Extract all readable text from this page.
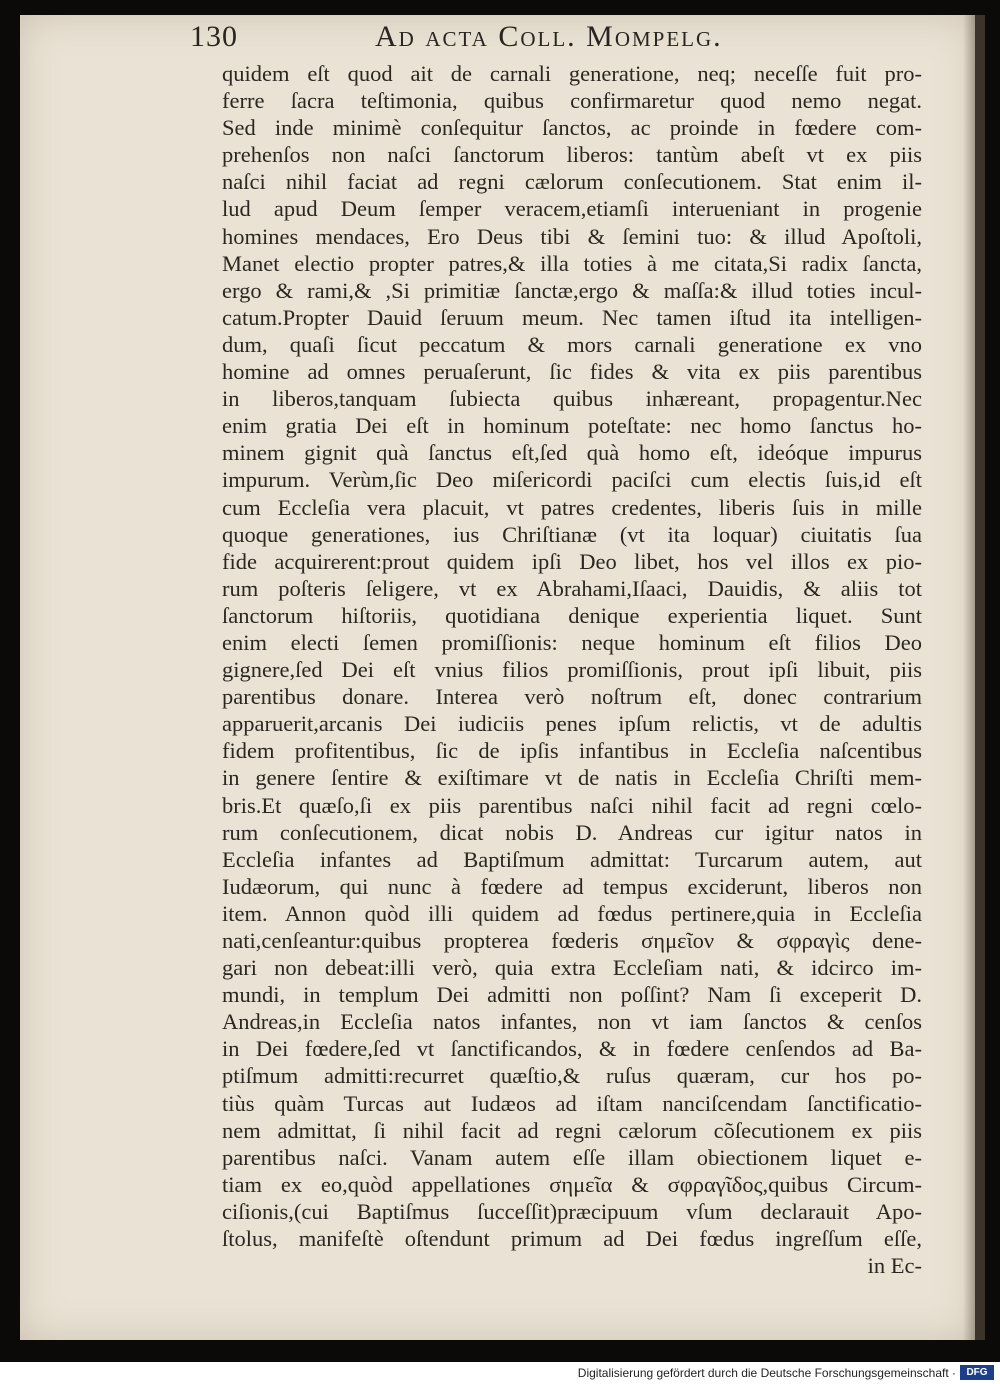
130	Ad acta Coll. Mompelg.
quidem eſt quod ait de carnali generatione, neq; neceſſe fuit pro-
ferre ſacra teſtimonia, quibus confirmaretur quod nemo negat.
Sed inde minimè conſequitur ſanctos, ac proinde in fœdere com-
prehenſos non naſci ſanctorum liberos: tantùm abeſt vt ex piis
naſci nihil faciat ad regni cælorum conſecutionem. Stat enim il-
lud apud Deum ſemper veracem,etiamſi interueniant in progenie
homines mendaces, Ero Deus tibi & ſemini tuo: & illud Apoſtoli,
Manet electio propter patres,& illa toties à me citata,Si radix ſancta,
ergo & rami,& ,Si primitiæ ſanctæ,ergo & maſſa:& illud toties incul-
catum.Propter Dauid ſeruum meum. Nec tamen iſtud ita intelligen-
dum, quaſi ſicut peccatum & mors carnali generatione ex vno
homine ad omnes peruaſerunt, ſic fides & vita ex piis parentibus
in liberos,tanquam ſubiecta quibus inhæreant, propagentur.Nec
enim gratia Dei eſt in hominum poteſtate: nec homo ſanctus ho-
minem gignit quà ſanctus eſt,ſed quà homo eſt, ideóque impurus
impurum. Verùm,ſic Deo miſericordi paciſci cum electis ſuis,id eſt
cum Eccleſia vera placuit, vt patres credentes, liberis ſuis in mille
quoque generationes, ius Chriſtianæ (vt ita loquar) ciuitatis ſua
fide acquirerent:prout quidem ipſi Deo libet, hos vel illos ex pio-
rum poſteris ſeligere, vt ex Abrahami,Iſaaci, Dauidis, & aliis tot
ſanctorum hiſtoriis, quotidiana denique experientia liquet. Sunt
enim electi ſemen promiſſionis: neque hominum eſt filios Deo
gignere,ſed Dei eſt vnius filios promiſſionis, prout ipſi libuit, piis
parentibus donare. Interea verò noſtrum eſt, donec contrarium
apparuerit,arcanis Dei iudiciis penes ipſum relictis, vt de adultis
fidem profitentibus, ſic de ipſis infantibus in Eccleſia naſcentibus
in genere ſentire & exiſtimare vt de natis in Eccleſia Chriſti mem-
bris.Et quæſo,ſi ex piis parentibus naſci nihil facit ad regni cœlo-
rum conſecutionem, dicat nobis D. Andreas cur igitur natos in
Eccleſia infantes ad Baptiſmum admittat: Turcarum autem, aut
Iudæorum, qui nunc à fœdere ad tempus exciderunt, liberos non
item. Annon quòd illi quidem ad fœdus pertinere,quia in Eccleſia
nati,cenſeantur:quibus propterea fœderis σημεῖον & σφραγὶς dene-
gari non debeat:illi verò, quia extra Eccleſiam nati, & idcirco im-
mundi, in templum Dei admitti non poſſint? Nam ſi exceperit D.
Andreas,in Eccleſia natos infantes, non vt iam ſanctos & cenſos
in Dei fœdere,ſed vt ſanctificandos, & in fœdere cenſendos ad Ba-
ptiſmum admitti:recurret quæſtio,& ruſus quæram, cur hos po-
tiùs quàm Turcas aut Iudæos ad iſtam nanciſcendam ſanctificatio-
nem admittat, ſi nihil facit ad regni cælorum cõſecutionem ex piis
parentibus naſci. Vanam autem eſſe illam obiectionem liquet e-
tiam ex eo,quòd appellationes σημεῖα & σφραγῖδος,quibus Circum-
ciſionis,(cui Baptiſmus ſucceſſit)præcipuum vſum declarauit Apo-
ſtolus, manifeſtè oſtendunt primum ad Dei fœdus ingreſſum eſſe,
in Ec-
Digitalisierung gefördert durch die Deutsche Forschungsgemeinschaft ·	DFG
